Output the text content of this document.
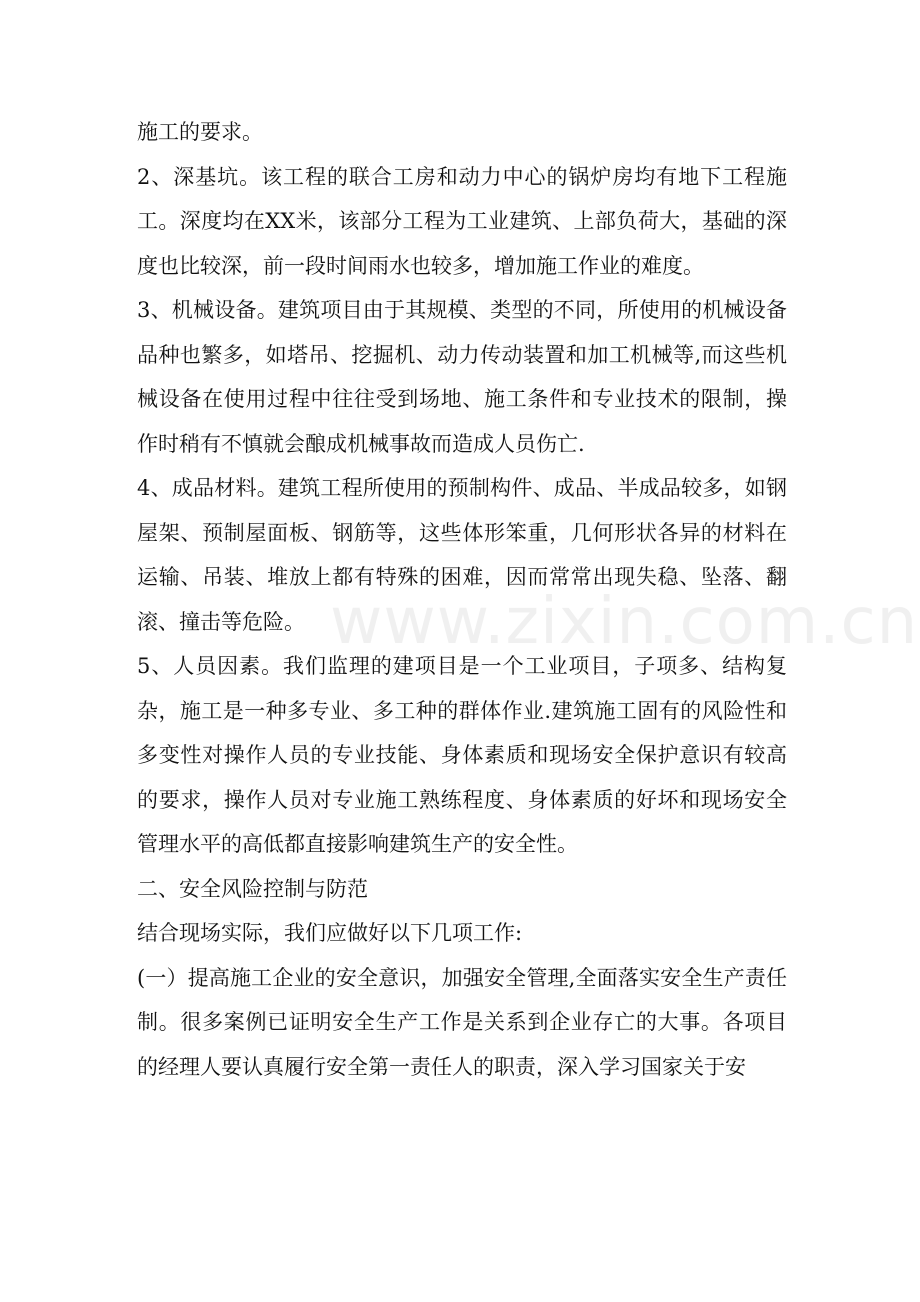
施工的要求。

2、深基坑。该工程的联合工房和动力中心的锅炉房均有地下工程施工。深度均在XX米，该部分工程为工业建筑、上部负荷大，基础的深度也比较深，前一段时间雨水也较多，增加施工作业的难度。

3、机械设备。建筑项目由于其规模、类型的不同，所使用的机械设备品种也繁多，如塔吊、挖掘机、动力传动装置和加工机械等,而这些机械设备在使用过程中往往受到场地、施工条件和专业技术的限制，操作时稍有不慎就会酿成机械事故而造成人员伤亡.

4、成品材料。建筑工程所使用的预制构件、成品、半成品较多，如钢屋架、预制屋面板、钢筋等，这些体形笨重，几何形状各异的材料在运输、吊装、堆放上都有特殊的困难，因而常常出现失稳、坠落、翻滚、撞击等危险。

5、人员因素。我们监理的建项目是一个工业项目，子项多、结构复杂，施工是一种多专业、多工种的群体作业.建筑施工固有的风险性和多变性对操作人员的专业技能、身体素质和现场安全保护意识有较高的要求，操作人员对专业施工熟练程度、身体素质的好坏和现场安全管理水平的高低都直接影响建筑生产的安全性。

二、安全风险控制与防范

结合现场实际，我们应做好以下几项工作:

(一）提高施工企业的安全意识，加强安全管理,全面落实安全生产责任制。很多案例已证明安全生产工作是关系到企业存亡的大事。各项目的经理人要认真履行安全第一责任人的职责，深入学习国家关于安

www.zixin.com.cn
